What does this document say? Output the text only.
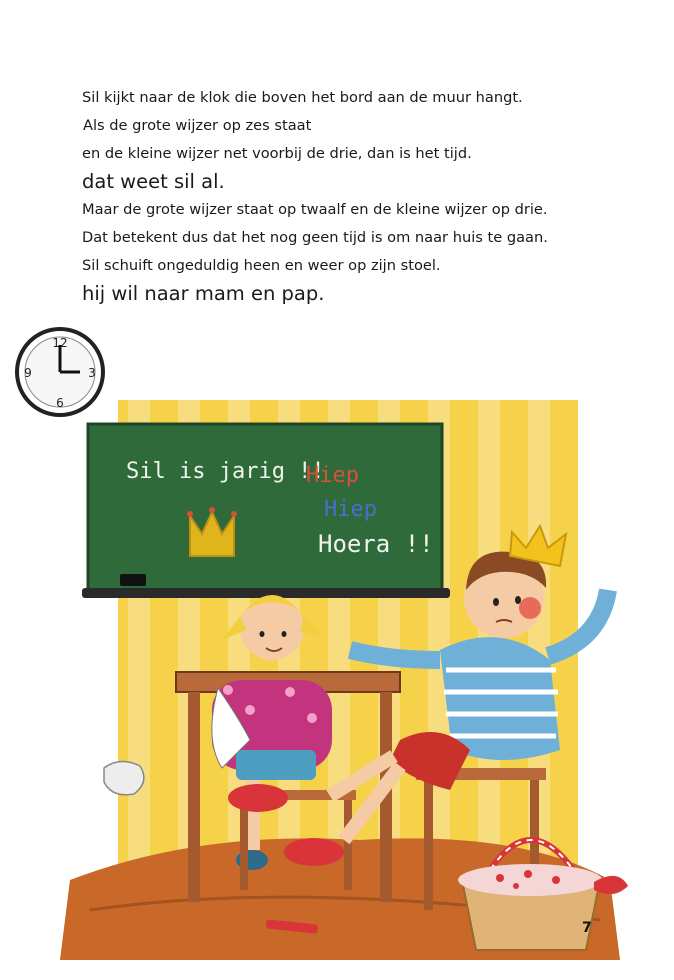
Sil kijkt naar de klok die boven het bord aan de muur hangt.
Als de grote wijzer op zes staat
en de kleine wijzer net voorbij de drie, dan is het tijd.
dat weet sil al.
Maar de grote wijzer staat op twaalf en de kleine wijzer op drie.
Dat betekent dus dat het nog geen tijd is om naar huis te gaan.
Sil schuift ongeduldig heen en weer op zijn stoel.
hij wil naar mam en pap.
12
3
6
9
Sil is jarig !!
Hiep
Hiep
Hoera !!
7
